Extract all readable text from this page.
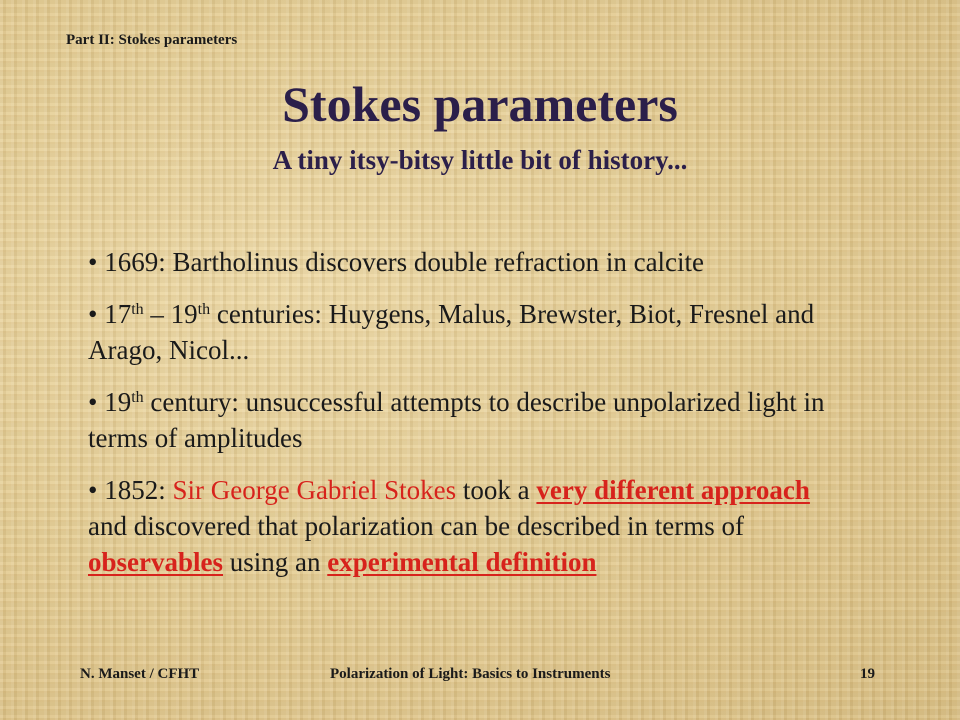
Part II: Stokes parameters
Stokes parameters
A tiny itsy-bitsy little bit of history...
• 1669: Bartholinus discovers double refraction in calcite
• 17th – 19th centuries: Huygens, Malus, Brewster, Biot, Fresnel and Arago, Nicol...
• 19th century: unsuccessful attempts to describe unpolarized light in terms of amplitudes
• 1852: Sir George Gabriel Stokes took a very different approach and discovered that polarization can be described in terms of observables using an experimental definition
N. Manset / CFHT	Polarization of Light: Basics to Instruments	19
